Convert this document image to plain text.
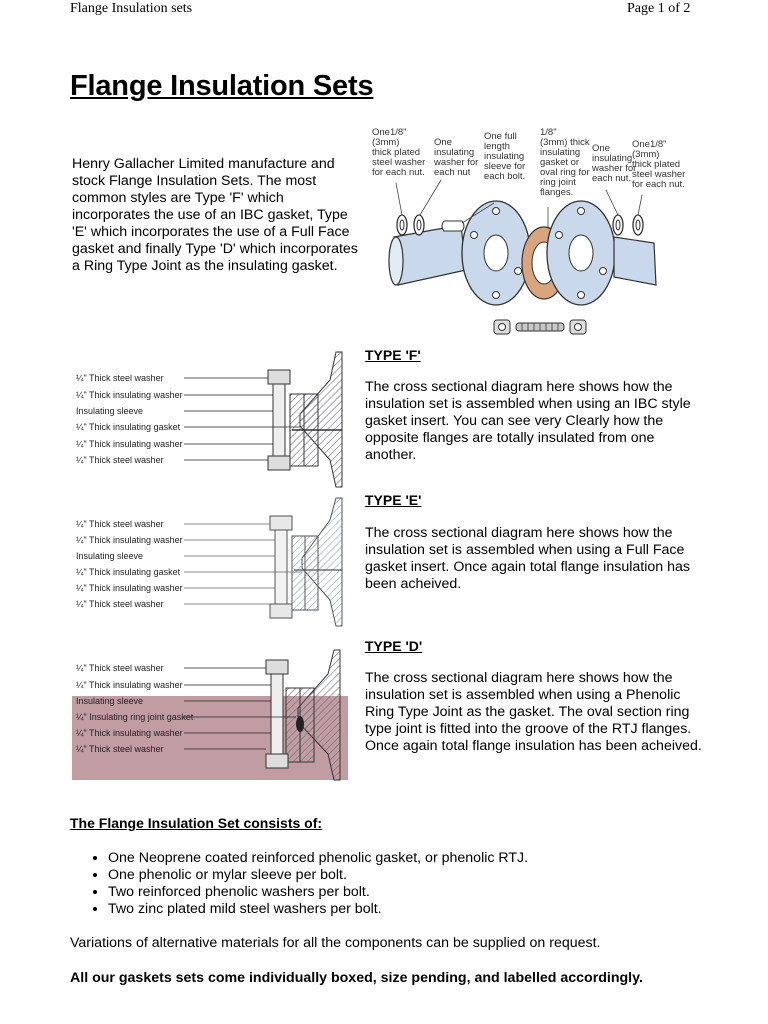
Flange Insulation sets	Page 1 of 2
Flange Insulation Sets
Henry Gallacher Limited manufacture and stock Flange Insulation Sets. The most common styles are Type 'F' which incorporates the use of an IBC gasket, Type 'E' which incorporates the use of a Full Face gasket and finally Type 'D' which incorporates a Ring Type Joint as the insulating gasket.
One1/8"
(3mm)
thick plated
steel washer
for each nut.
One
insulating
washer for
each nut
One full
length
insulating
sleeve for
each bolt.
1/8"
(3mm) thick
insulating
gasket or
oval ring for
ring joint
flanges.
One
insulating
washer for
each nut.
One1/8"
(3mm)
thick plated
steel washer
for each nut.
¼" Thick steel washer
¼" Thick insulating washer
Insulating sleeve
¼" Thick insulating gasket
¼" Thick insulating washer
¼" Thick steel washer
¼" Thick steel washer
¼" Thick insulating washer
Insulating sleeve
¼" Thick insulating gasket
¼" Thick insulating washer
¼" Thick steel washer
¼" Thick steel washer
¼" Thick insulating washer
Insulating sleeve
¼" Insulating ring joint gasket
¼" Thick insulating washer
¼" Thick steel washer
TYPE 'F'
The cross sectional diagram here shows how the insulation set is assembled when using an IBC style gasket insert. You can see very Clearly how the opposite flanges are totally insulated from one another.
TYPE 'E'
The cross sectional diagram here shows how the insulation set is assembled when using a Full Face gasket insert. Once again total flange insulation has been acheived.
TYPE 'D'
The cross sectional diagram here shows how the insulation set is assembled when using a Phenolic Ring Type Joint as the gasket. The oval section ring type joint is fitted into the groove of the RTJ flanges. Once again total flange insulation has been acheived.
The Flange Insulation Set consists of:
• One Neoprene coated reinforced phenolic gasket, or phenolic RTJ.
• One phenolic or mylar sleeve per bolt.
• Two reinforced phenolic washers per bolt.
• Two zinc plated mild steel washers per bolt.
Variations of alternative materials for all the components can be supplied on request.
All our gaskets sets come individually boxed, size pending, and labelled accordingly.
